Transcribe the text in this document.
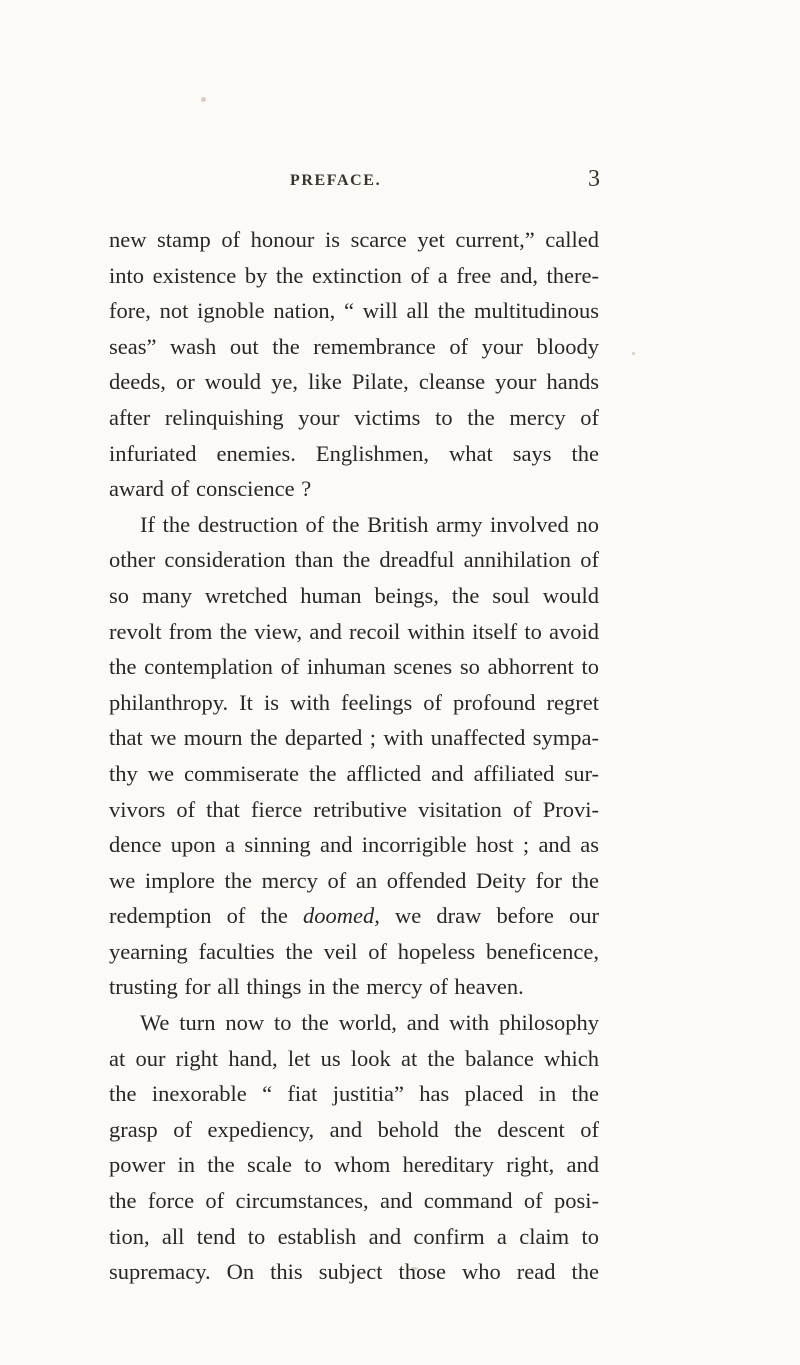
PREFACE.	3
new stamp of honour is scarce yet current,” called
into existence by the extinction of a free and, there-
fore, not ignoble nation, “ will all the multitudinous
seas” wash out the remembrance of your bloody
deeds, or would ye, like Pilate, cleanse your hands
after relinquishing your victims to the mercy of
infuriated enemies. Englishmen, what says the
award of conscience ?
If the destruction of the British army involved no
other consideration than the dreadful annihilation of
so many wretched human beings, the soul would
revolt from the view, and recoil within itself to avoid
the contemplation of inhuman scenes so abhorrent to
philanthropy. It is with feelings of profound regret
that we mourn the departed ; with unaffected sympa-
thy we commiserate the afflicted and affiliated sur-
vivors of that fierce retributive visitation of Provi-
dence upon a sinning and incorrigible host ; and as
we implore the mercy of an offended Deity for the
redemption of the doomed, we draw before our
yearning faculties the veil of hopeless beneficence,
trusting for all things in the mercy of heaven.
We turn now to the world, and with philosophy
at our right hand, let us look at the balance which
the inexorable “ fiat justitia” has placed in the
grasp of expediency, and behold the descent of
power in the scale to whom hereditary right, and
the force of circumstances, and command of posi-
tion, all tend to establish and confirm a claim to
supremacy. On this subject those who read the
